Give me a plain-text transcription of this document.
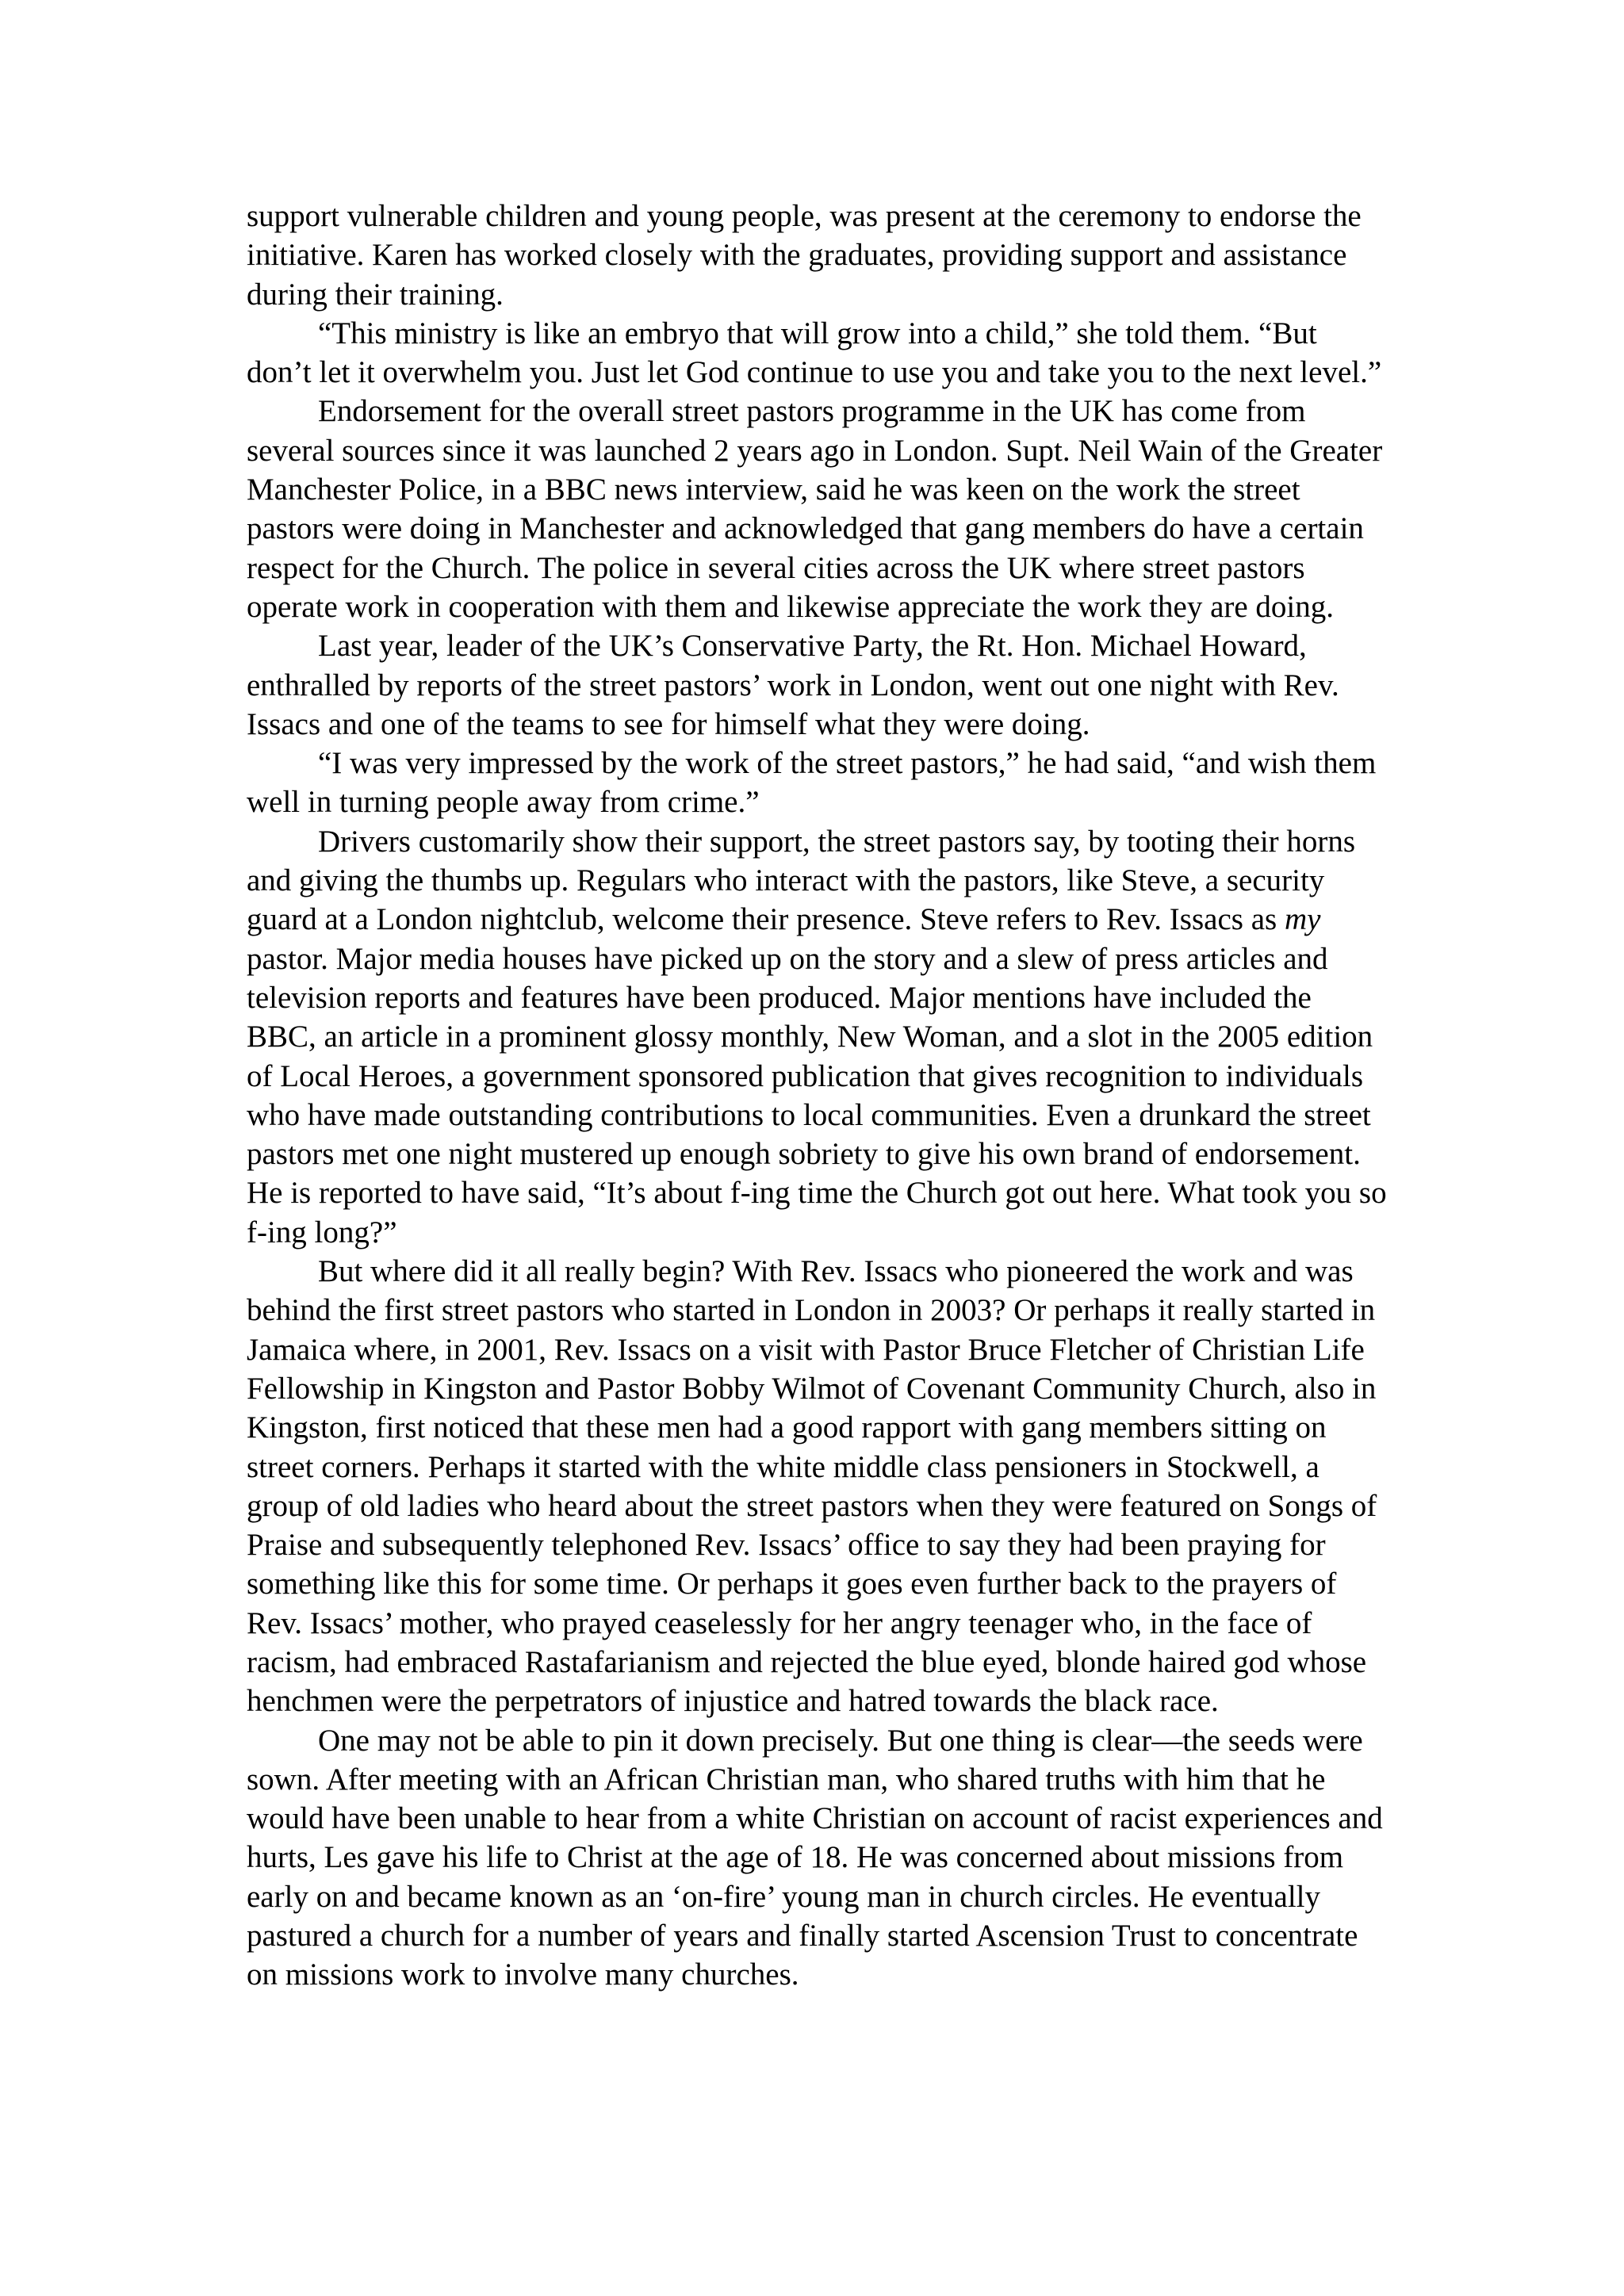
support vulnerable children and young people, was present at the ceremony to endorse the initiative. Karen has worked closely with the graduates, providing support and assistance during their training.

“This ministry is like an embryo that will grow into a child,” she told them. “But don’t let it overwhelm you. Just let God continue to use you and take you to the next level.”

Endorsement for the overall street pastors programme in the UK has come from several sources since it was launched 2 years ago in London. Supt. Neil Wain of the Greater Manchester Police, in a BBC news interview, said he was keen on the work the street pastors were doing in Manchester and acknowledged that gang members do have a certain respect for the Church. The police in several cities across the UK where street pastors operate work in cooperation with them and likewise appreciate the work they are doing.

Last year, leader of the UK’s Conservative Party, the Rt. Hon. Michael Howard, enthralled by reports of the street pastors’ work in London, went out one night with Rev. Issacs and one of the teams to see for himself what they were doing.

“I was very impressed by the work of the street pastors,” he had said, “and wish them well in turning people away from crime.”

Drivers customarily show their support, the street pastors say, by tooting their horns and giving the thumbs up. Regulars who interact with the pastors, like Steve, a security guard at a London nightclub, welcome their presence. Steve refers to Rev. Issacs as my pastor. Major media houses have picked up on the story and a slew of press articles and television reports and features have been produced. Major mentions have included the BBC, an article in a prominent glossy monthly, New Woman, and a slot in the 2005 edition of Local Heroes, a government sponsored publication that gives recognition to individuals who have made outstanding contributions to local communities. Even a drunkard the street pastors met one night mustered up enough sobriety to give his own brand of endorsement. He is reported to have said, “It’s about f-ing time the Church got out here. What took you so f-ing long?”

But where did it all really begin? With Rev. Issacs who pioneered the work and was behind the first street pastors who started in London in 2003? Or perhaps it really started in Jamaica where, in 2001, Rev. Issacs on a visit with Pastor Bruce Fletcher of Christian Life Fellowship in Kingston and Pastor Bobby Wilmot of Covenant Community Church, also in Kingston, first noticed that these men had a good rapport with gang members sitting on street corners. Perhaps it started with the white middle class pensioners in Stockwell, a group of old ladies who heard about the street pastors when they were featured on Songs of Praise and subsequently telephoned Rev. Issacs’ office to say they had been praying for something like this for some time. Or perhaps it goes even further back to the prayers of Rev. Issacs’ mother, who prayed ceaselessly for her angry teenager who, in the face of racism, had embraced Rastafarianism and rejected the blue eyed, blonde haired god whose henchmen were the perpetrators of injustice and hatred towards the black race.

One may not be able to pin it down precisely. But one thing is clear—the seeds were sown. After meeting with an African Christian man, who shared truths with him that he would have been unable to hear from a white Christian on account of racist experiences and hurts, Les gave his life to Christ at the age of 18. He was concerned about missions from early on and became known as an ‘on-fire’ young man in church circles. He eventually pastured a church for a number of years and finally started Ascension Trust to concentrate on missions work to involve many churches.
